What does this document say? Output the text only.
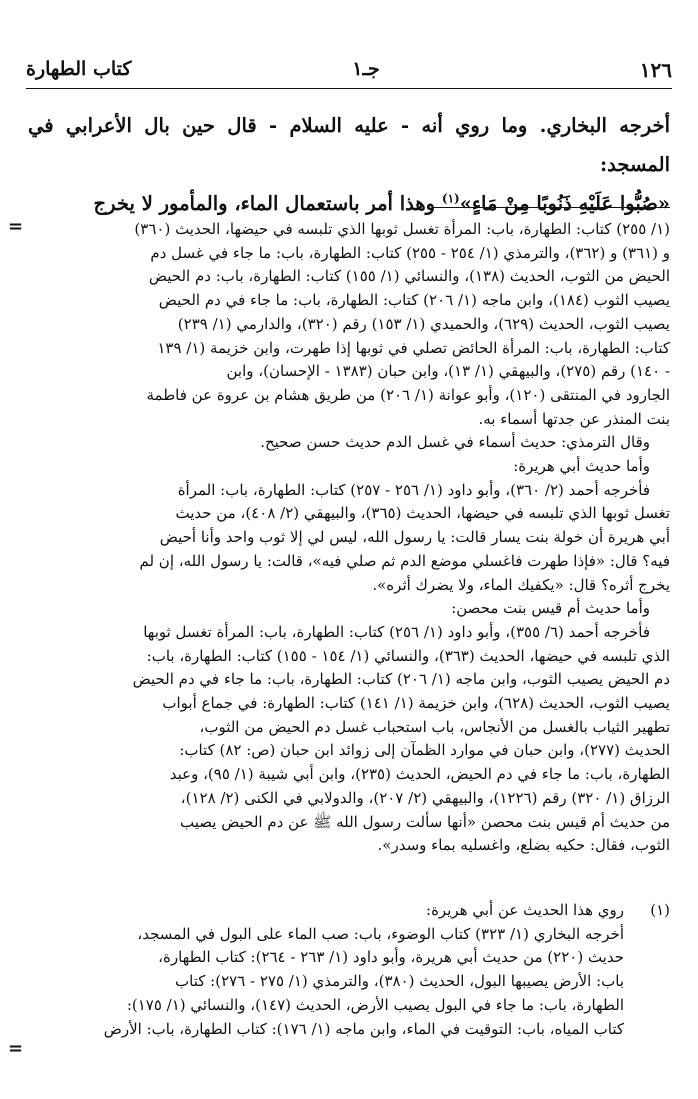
١٢٦
جـ١
كتاب الطهارة

أخرجه البخاري. وما روي أنه - عليه السلام - قال حين بال الأعرابي في المسجد:

«صُبُّوا عَلَيْهِ ذَنُوبًا مِنْ مَاءٍ»$^{(١)}$ وهذا أمر باستعمال الماء، والمأمور لا يخرج

=	(١/ ٢٥٥) كتاب: الطهارة، باب: المرأة تغسل ثوبها الذي تلبسه في حيضها، الحديث (٣٦٠)

و (٣٦١) و (٣٦٢)، والترمذي (١/ ٢٥٤ - ٢٥٥) كتاب: الطهارة، باب: ما جاء في غسل دم

الحيض من الثوب، الحديث (١٣٨)، والنسائي (١/ ١٥٥) كتاب: الطهارة، باب: دم الحيض

يصيب الثوب (١٨٤)، وابن ماجه (١/ ٢٠٦) كتاب: الطهارة، باب: ما جاء في دم الحيض

يصيب الثوب، الحديث (٦٢٩)، والحميدي (١/ ١٥٣) رقم (٣٢٠)، والدارمي (١/ ٢٣٩)

كتاب: الطهارة، باب: المرأة الحائض تصلي في ثوبها إذا طهرت، وابن خزيمة (١/ ١٣٩

- ١٤٠) رقم (٢٧٥)، والبيهقي (١/ ١٣)، وابن حبان (١٣٨٣ - الإحسان)، وابن

الجارود في المنتقى (١٢٠)، وأبو عوانة (١/ ٢٠٦) من طريق هشام بن عروة عن فاطمة

بنت المنذر عن جدتها أسماء به.

وقال الترمذي: حديث أسماء في غسل الدم حديث حسن صحيح.

وأما حديث أبي هريرة:

فأخرجه أحمد (٢/ ٣٦٠)، وأبو داود (١/ ٢٥٦ - ٢٥٧) كتاب: الطهارة، باب: المرأة

تغسل ثوبها الذي تلبسه في حيضها، الحديث (٣٦٥)، والبيهقي (٢/ ٤٠٨)، من حديث

أبي هريرة أن خولة بنت يسار قالت: يا رسول الله، ليس لي إلا ثوب واحد وأنا أحيض

فيه؟ قال: «فإذا طهرت فاغسلي موضع الدم ثم صلي فيه»، قالت: يا رسول الله، إن لم

يخرج أثره؟ قال: «يكفيك الماء، ولا يضرك أثره».

وأما حديث أم قيس بنت محصن:

فأخرجه أحمد (٦/ ٣٥٥)، وأبو داود (١/ ٢٥٦) كتاب: الطهارة، باب: المرأة تغسل ثوبها

الذي تلبسه في حيضها، الحديث (٣٦٣)، والنسائي (١/ ١٥٤ - ١٥٥) كتاب: الطهارة، باب:

دم الحيض يصيب الثوب، وابن ماجه (١/ ٢٠٦) كتاب: الطهارة، باب: ما جاء في دم الحيض

يصيب الثوب، الحديث (٦٢٨)، وابن خزيمة (١/ ١٤١) كتاب: الطهارة: في جماع أبواب

تطهير الثياب بالغسل من الأنجاس، باب استحباب غسل دم الحيض من الثوب،

الحديث (٢٧٧)، وابن حبان في موارد الظمآن إلى زوائد ابن حبان (ص: ٨٢) كتاب:

الطهارة، باب: ما جاء في دم الحيض، الحديث (٢٣٥)، وابن أبي شيبة (١/ ٩٥)، وعبد

الرزاق (١/ ٣٢٠) رقم (١٢٢٦)، والبيهقي (٢/ ٢٠٧)، والدولابي في الكنى (٢/ ١٢٨)،

من حديث أم قيس بنت محصن «أنها سألت رسول الله ﷺ عن دم الحيض يصيب

الثوب، فقال: حكيه بضلع، واغسليه بماء وسدر».

(١)

روي هذا الحديث عن أبي هريرة:

أخرجه البخاري (١/ ٣٢٣) كتاب الوضوء، باب: صب الماء على البول في المسجد،

حديث (٢٢٠) من حديث أبي هريرة، وأبو داود (١/ ٢٦٣ - ٢٦٤): كتاب الطهارة،

باب: الأرض يصيبها البول، الحديث (٣٨٠)، والترمذي (١/ ٢٧٥ - ٢٧٦): كتاب

الطهارة، باب: ما جاء في البول يصيب الأرض، الحديث (١٤٧)، والنسائي (١/ ١٧٥):

كتاب المياه، باب: التوقيت في الماء، وابن ماجه (١/ ١٧٦): كتاب الطهارة، باب: الأرض

=
